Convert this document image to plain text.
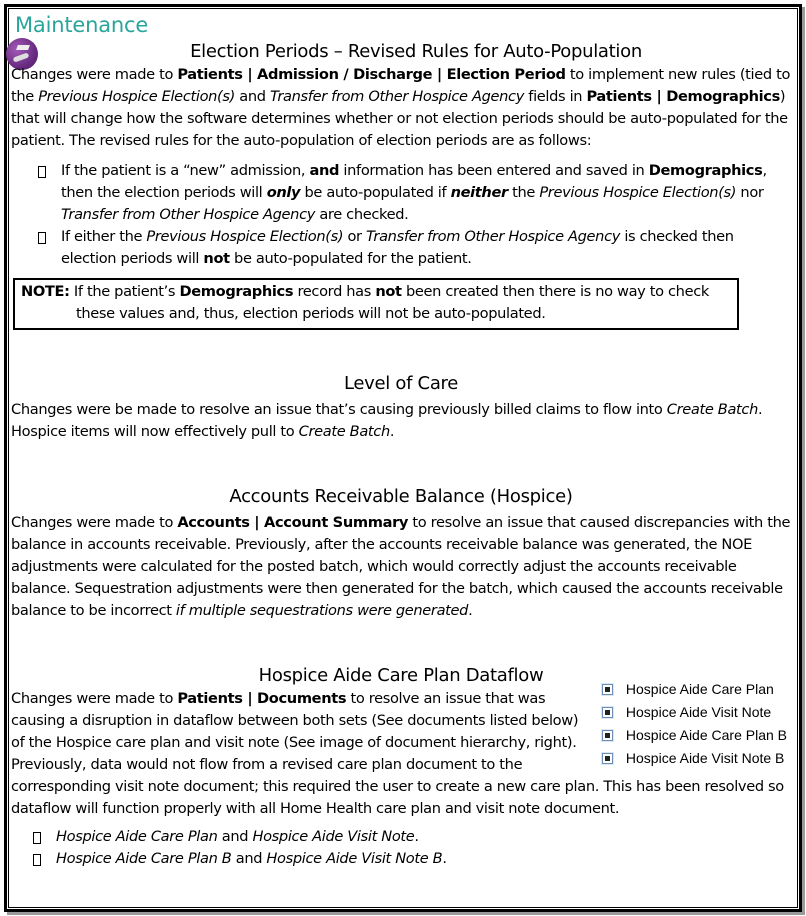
Maintenance
Election Periods – Revised Rules for Auto-Population

Changes were made to Patients | Admission / Discharge | Election Period to implement new rules (tied to the Previous Hospice Election(s) and Transfer from Other Hospice Agency fields in Patients | Demographics) that will change how the software determines whether or not election periods should be auto-populated for the patient. The revised rules for the auto-population of election periods are as follows:

If the patient is a “new” admission, and information has been entered and saved in Demographics, then the election periods will only be auto-populated if neither the Previous Hospice Election(s) nor Transfer from Other Hospice Agency are checked.
If either the Previous Hospice Election(s) or Transfer from Other Hospice Agency is checked then election periods will not be auto-populated for the patient.
NOTE: If the patient’s Demographics record has not been created then there is no way to check
these values and, thus, election periods will not be auto-populated.
Level of Care

Changes were be made to resolve an issue that’s causing previously billed claims to flow into Create Batch. Hospice items will now effectively pull to Create Batch.

Accounts Receivable Balance (Hospice)

Changes were made to Accounts | Account Summary to resolve an issue that caused discrepancies with the balance in accounts receivable. Previously, after the accounts receivable balance was generated, the NOE adjustments were calculated for the posted batch, which would correctly adjust the accounts receivable balance. Sequestration adjustments were then generated for the batch, which caused the accounts receivable balance to be incorrect if multiple sequestrations were generated.

Hospice Aide Care Plan Dataflow
Changes were made to Patients | Documents to resolve an issue that was
causing a disruption in dataflow between both sets (See documents listed below)
of the Hospice care plan and visit note (See image of document hierarchy, right).
Previously, data would not flow from a revised care plan document to the
Hospice Aide Care Plan
Hospice Aide Visit Note
Hospice Aide Care Plan B
Hospice Aide Visit Note B

corresponding visit note document; this required the user to create a new care plan. This has been resolved so dataflow will function properly with all Home Health care plan and visit note document.

Hospice Aide Care Plan and Hospice Aide Visit Note.
Hospice Aide Care Plan B and Hospice Aide Visit Note B.
